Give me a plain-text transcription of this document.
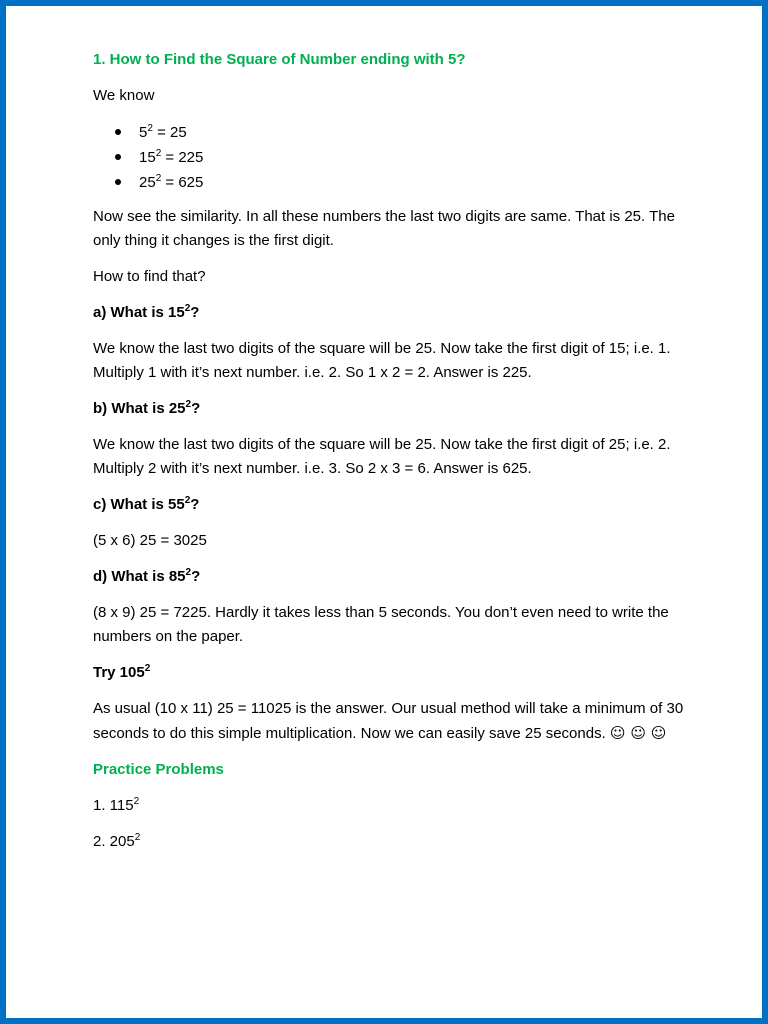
1. How to Find the Square of Number ending with 5?

We know

$5^2 = 25$
$15^2 = 225$
$25^2 = 625$

Now see the similarity. In all these numbers the last two digits are same. That is 25. The only thing it changes is the first digit.

How to find that?

a) What is $15^2$?

We know the last two digits of the square will be 25. Now take the first digit of 15; i.e. 1. Multiply 1 with it’s next number. i.e. 2. So 1 x 2 = 2. Answer is 225.

b) What is $25^2$?

We know the last two digits of the square will be 25. Now take the first digit of 25; i.e. 2. Multiply 2 with it’s next number. i.e. 3. So 2 x 3 = 6. Answer is 625.

c) What is $55^2$?

(5 x 6) 25 = 3025

d) What is $85^2$?

(8 x 9) 25 = 7225. Hardly it takes less than 5 seconds. You don’t even need to write the numbers on the paper.

Try $105^2$

As usual (10 x 11) 25 = 11025 is the answer. Our usual method will take a minimum of 30 seconds to do this simple multiplication. Now we can easily save 25 seconds. ☺ ☺ ☺

Practice Problems

1. $115^2$

2. $205^2$
